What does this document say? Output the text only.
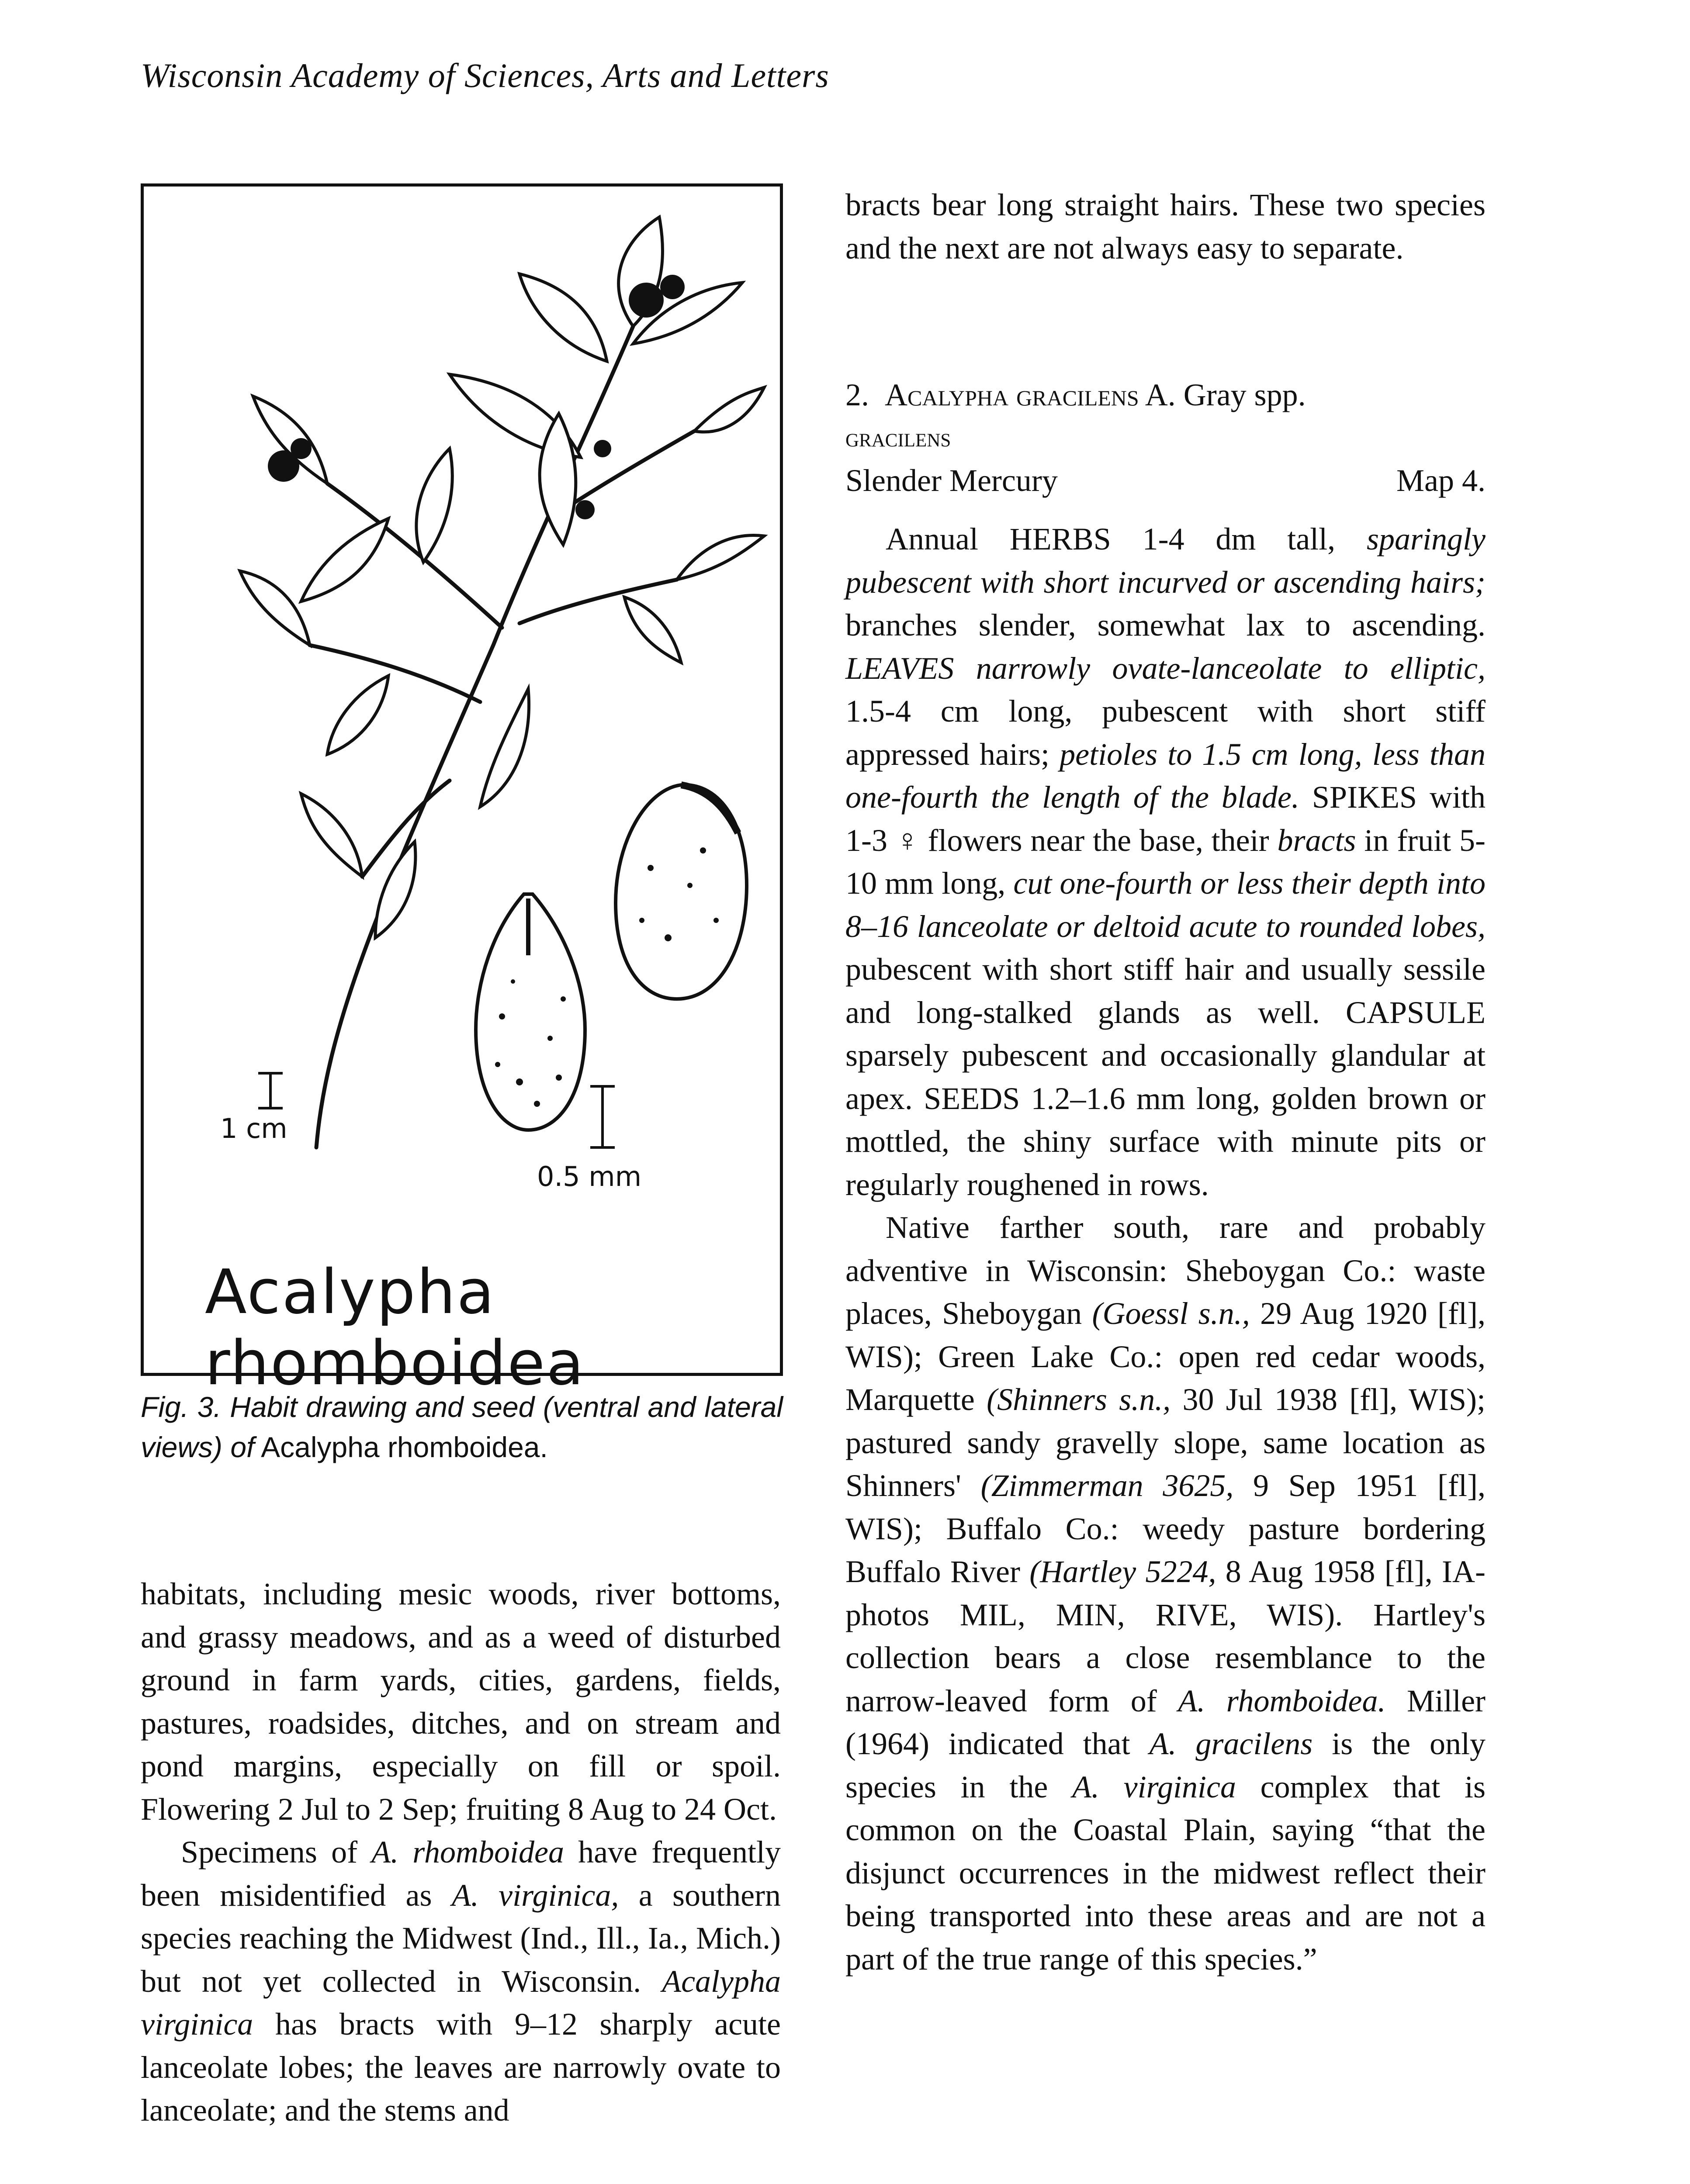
Wisconsin Academy of Sciences, Arts and Letters
1 cm
0.5 mm
Acalypha rhomboidea
Fig. 3. Habit drawing and seed (ventral and lateral views) of Acalypha rhomboidea.

habitats, including mesic woods, river bottoms, and grassy meadows, and as a weed of disturbed ground in farm yards, cities, gardens, fields, pastures, roadsides, ditches, and on stream and pond margins, especially on fill or spoil. Flowering 2 Jul to 2 Sep; fruiting 8 Aug to 24 Oct.

Specimens of A. rhomboidea have frequently been misidentified as A. virginica, a southern species reaching the Midwest (Ind., Ill., Ia., Mich.) but not yet collected in Wisconsin. Acalypha virginica has bracts with 9–12 sharply acute lanceolate lobes; the leaves are narrowly ovate to lanceolate; and the stems and

bracts bear long straight hairs. These two species and the next are not always easy to separate.

2. Acalypha gracilens A. Gray spp.
gracilens
Slender Mercury	Map 4.

Annual HERBS 1-4 dm tall, sparingly pubescent with short incurved or ascending hairs; branches slender, somewhat lax to ascending. LEAVES narrowly ovate-lanceolate to elliptic, 1.5-4 cm long, pubescent with short stiff appressed hairs; petioles to 1.5 cm long, less than one-fourth the length of the blade. SPIKES with 1-3 ♀ flowers near the base, their bracts in fruit 5-10 mm long, cut one-fourth or less their depth into 8–16 lanceolate or deltoid acute to rounded lobes, pubescent with short stiff hair and usually sessile and long-stalked glands as well. CAPSULE sparsely pubescent and occasionally glandular at apex. SEEDS 1.2–1.6 mm long, golden brown or mottled, the shiny surface with minute pits or regularly roughened in rows.

Native farther south, rare and probably adventive in Wisconsin: Sheboygan Co.: waste places, Sheboygan (Goessl s.n., 29 Aug 1920 [fl], WIS); Green Lake Co.: open red cedar woods, Marquette (Shinners s.n., 30 Jul 1938 [fl], WIS); pastured sandy gravelly slope, same location as Shinners' (Zimmerman 3625, 9 Sep 1951 [fl], WIS); Buffalo Co.: weedy pasture bordering Buffalo River (Hartley 5224, 8 Aug 1958 [fl], IA-photos MIL, MIN, RIVE, WIS). Hartley's collection bears a close resemblance to the narrow-leaved form of A. rhomboidea. Miller (1964) indicated that A. gracilens is the only species in the A. virginica complex that is common on the Coastal Plain, saying “that the disjunct occurrences in the midwest reflect their being transported into these areas and are not a part of the true range of this species.”
